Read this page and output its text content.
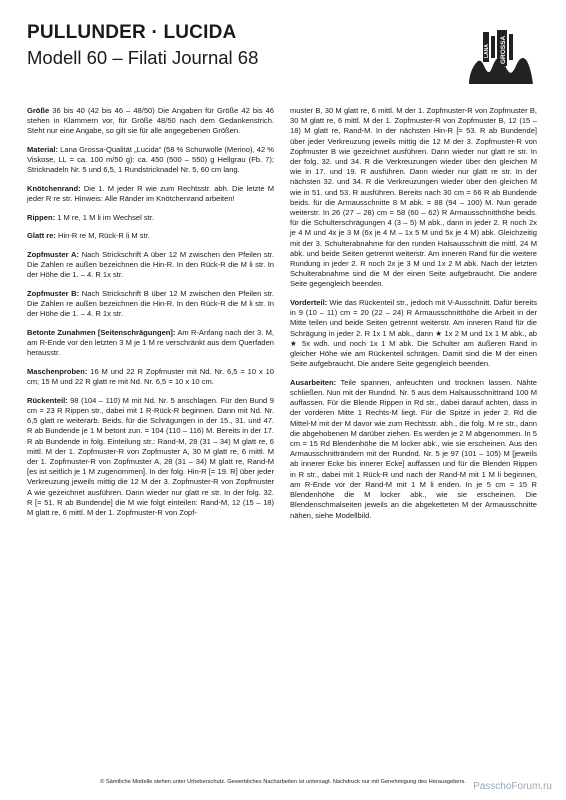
PULLUNDER · LUCIDA
Modell 60 – Filati Journal 68	LANA GROSSA

Größe 36 bis 40 (42 bis 46 – 48/50) Die Angaben für Größe 42 bis 46 stehen in Klammern vor, für Größe 48/50 nach dem Gedankenstrich. Steht nur eine Angabe, so gilt sie für alle angegebenen Größen.

Material: Lana Grossa-Qualität „Lucida“ (58 % Schurwolle (Merino), 42 % Viskose, LL = ca. 100 m/50 g): ca. 450 (500 – 550) g Hellgrau (Fb. 7); Stricknadeln Nr. 5 und 6,5, 1 Rundstricknadel Nr. 5, 60 cm lang.

Knötchenrand: Die 1. M jeder R wie zum Rechtsstr. abh. Die letzte M jeder R re str. Hinweis: Alle Ränder im Knötchenrand arbeiten!

Rippen: 1 M re, 1 M li im Wechsel str.

Glatt re: Hin-R re M, Rück-R li M str.

Zopfmuster A: Nach Strickschrift A über 12 M zwischen den Pfeilen str. Die Zahlen re außen bezeichnen die Hin-R. In den Rück-R die M li str. In der Höhe die 1. – 4. R 1x str.

Zopfmuster B: Nach Strickschrift B über 12 M zwischen den Pfeilen str. Die Zahlen re außen bezeichnen die Hin-R. In den Rück-R die M li str. In der Höhe die 1. – 4. R 1x str.

Betonte Zunahmen [Seitenschrägungen]: Am R-Anfang nach der 3. M, am R-Ende vor den letzten 3 M je 1 M re verschränkt aus dem Querfaden herausstr.

Maschenproben: 16 M und 22 R Zopfmuster mit Nd. Nr. 6,5 = 10 x 10 cm; 15 M und 22 R glatt re mit Nd. Nr. 6,5 = 10 x 10 cm.

Rückenteil: 98 (104 – 110) M mit Nd. Nr. 5 anschlagen. Für den Bund 9 cm = 23 R Rippen str., dabei mit 1 R-Rück-R beginnen. Dann mit Nd. Nr. 6,5 glatt re weiterarb. Beids. für die Schrägungen in der 15., 31. und 47. R ab Bundende je 1 M betont zun. = 104 (110 – 116) M. Bereits in der 17. R ab Bundende in folg. Einteilung str.: Rand-M, 28 (31 – 34) M glatt re, 6 mittl. M der 1. Zopfmuster-R von Zopfmuster A, 30 M glatt re, 6 mittl. M der 1. Zopfmuster-R von Zopfmuster A, 28 (31 – 34) M glatt re, Rand-M [es ist seitlich je 1 M zugenommen]. In der folg. Hin-R [= 19. R] über jeder Verkreuzung jeweils mittig die 12 M der 3. Zopfmuster-R von Zopfmuster A wie gezeichnet ausführen. Dann wieder nur glatt re str. In der folg. 32. R [= 51. R ab Bundende] die M wie folgt einteilen: Rand-M, 12 (15 – 18) M glatt re, 6 mittl. M der 1. Zopfmuster-R von Zopf-

muster B, 30 M glatt re, 6 mittl. M der 1. Zopfmuster-R von Zopfmuster B, 30 M glatt re, 6 mittl. M der 1. Zopfmuster-R von Zopfmuster B, 12 (15 – 18) M glatt re, Rand-M. In der nächsten Hin-R [= 53. R ab Bundende] über jeder Verkreuzung jeweils mittig die 12 M der 3. Zopfmuster-R von Zopfmuster B wie gezeichnet ausführen. Dann wieder nur glatt re str. In der folg. 32. und 34. R die Verkreuzungen wieder über den gleichen M wie in 17. und 19. R ausführen. Dann wieder nur glatt re str. In der nächsten 32. und 34. R die Verkreuzungen wieder über den gleichen M wie in 51. und 53. R ausführen. Bereits nach 30 cm = 66 R ab Bundende beids. für die Armausschnitte 8 M abk. = 88 (94 – 100) M. Nun gerade weiterstr. In 26 (27 – 28) cm = 58 (60 – 62) R Armausschnitthöhe beids. für die Schulterschrägungen 4 (3 – 5) M abk., dann in jeder 2. R noch 2x je 4 M und 4x je 3 M (6x je 4 M – 1x 5 M und 5x je 4 M) abk. Gleichzeitig mit der 3. Schulterabnahme für den runden Halsausschnitt die mittl. 24 M abk. und beide Seiten getrennt weiterstr. Am inneren Rand für die weitere Rundung in jeder 2. R noch 2x je 3 M und 1x 2 M abk. Nach der letzten Schulterabnahme sind die M der einen Seite aufgebraucht. Die andere Seite gegengleich beenden.

Vorderteil: Wie das Rückenteil str., jedoch mit V-Ausschnitt. Dafür bereits in 9 (10 – 11) cm = 20 (22 – 24) R Armausschnitthöhe die Arbeit in der Mitte teilen und beide Seiten getrennt weiterstr. Am inneren Rand für die Schrägung in jeder 2. R 1x 1 M abk., dann ★ 1x 2 M und 1x 1 M abk., ab ★ 5x wdh. und noch 1x 1 M abk. Die Schulter am äußeren Rand in gleicher Höhe wie am Rückenteil schrägen. Damit sind die M der einen Seite aufgebraucht. Die andere Seite gegengleich beenden.

Ausarbeiten: Teile spannen, anfeuchten und trocknen lassen. Nähte schließen. Nun mit der Rundnd. Nr. 5 aus dem Halsausschnittrand 100 M auffassen. Für die Blende Rippen in Rd str., dabei darauf achten, dass in der vorderen Mitte 1 Rechts-M liegt. Für die Spitze in jeder 2. Rd die Mittel-M mit der M davor wie zum Rechtsstr. abh., die folg. M re str., dann die abgehobenen M darüber ziehen. Es werden je 2 M abgenommen. In 5 cm = 15 Rd Blendenhöhe die M locker abk., wie sie erscheinen. Aus den Armausschnitträndern mit der Rundnd. Nr. 5 je 97 (101 – 105) M [jeweils ab innerer Ecke bis innerer Ecke] auffassen und für die Blenden Rippen in R str., dabei mit 1 Rück-R und nach der Rand-M mit 1 M li beginnen, am R-Ende vor der Rand-M mit 1 M li enden. In je 5 cm = 15 R Blendenhöhe die M locker abk., wie sie erscheinen. Die Blendenschmalseiten jeweils an die abgeketteten M der Armausschnitte nähen, siehe Modellbild.

© Sämtliche Modelle stehen unter Urheberschutz. Gewerbliches Nacharbeiten ist untersagt. Nachdruck nur mit Genehmigung des Herausgebers. PasschoForum.ru
